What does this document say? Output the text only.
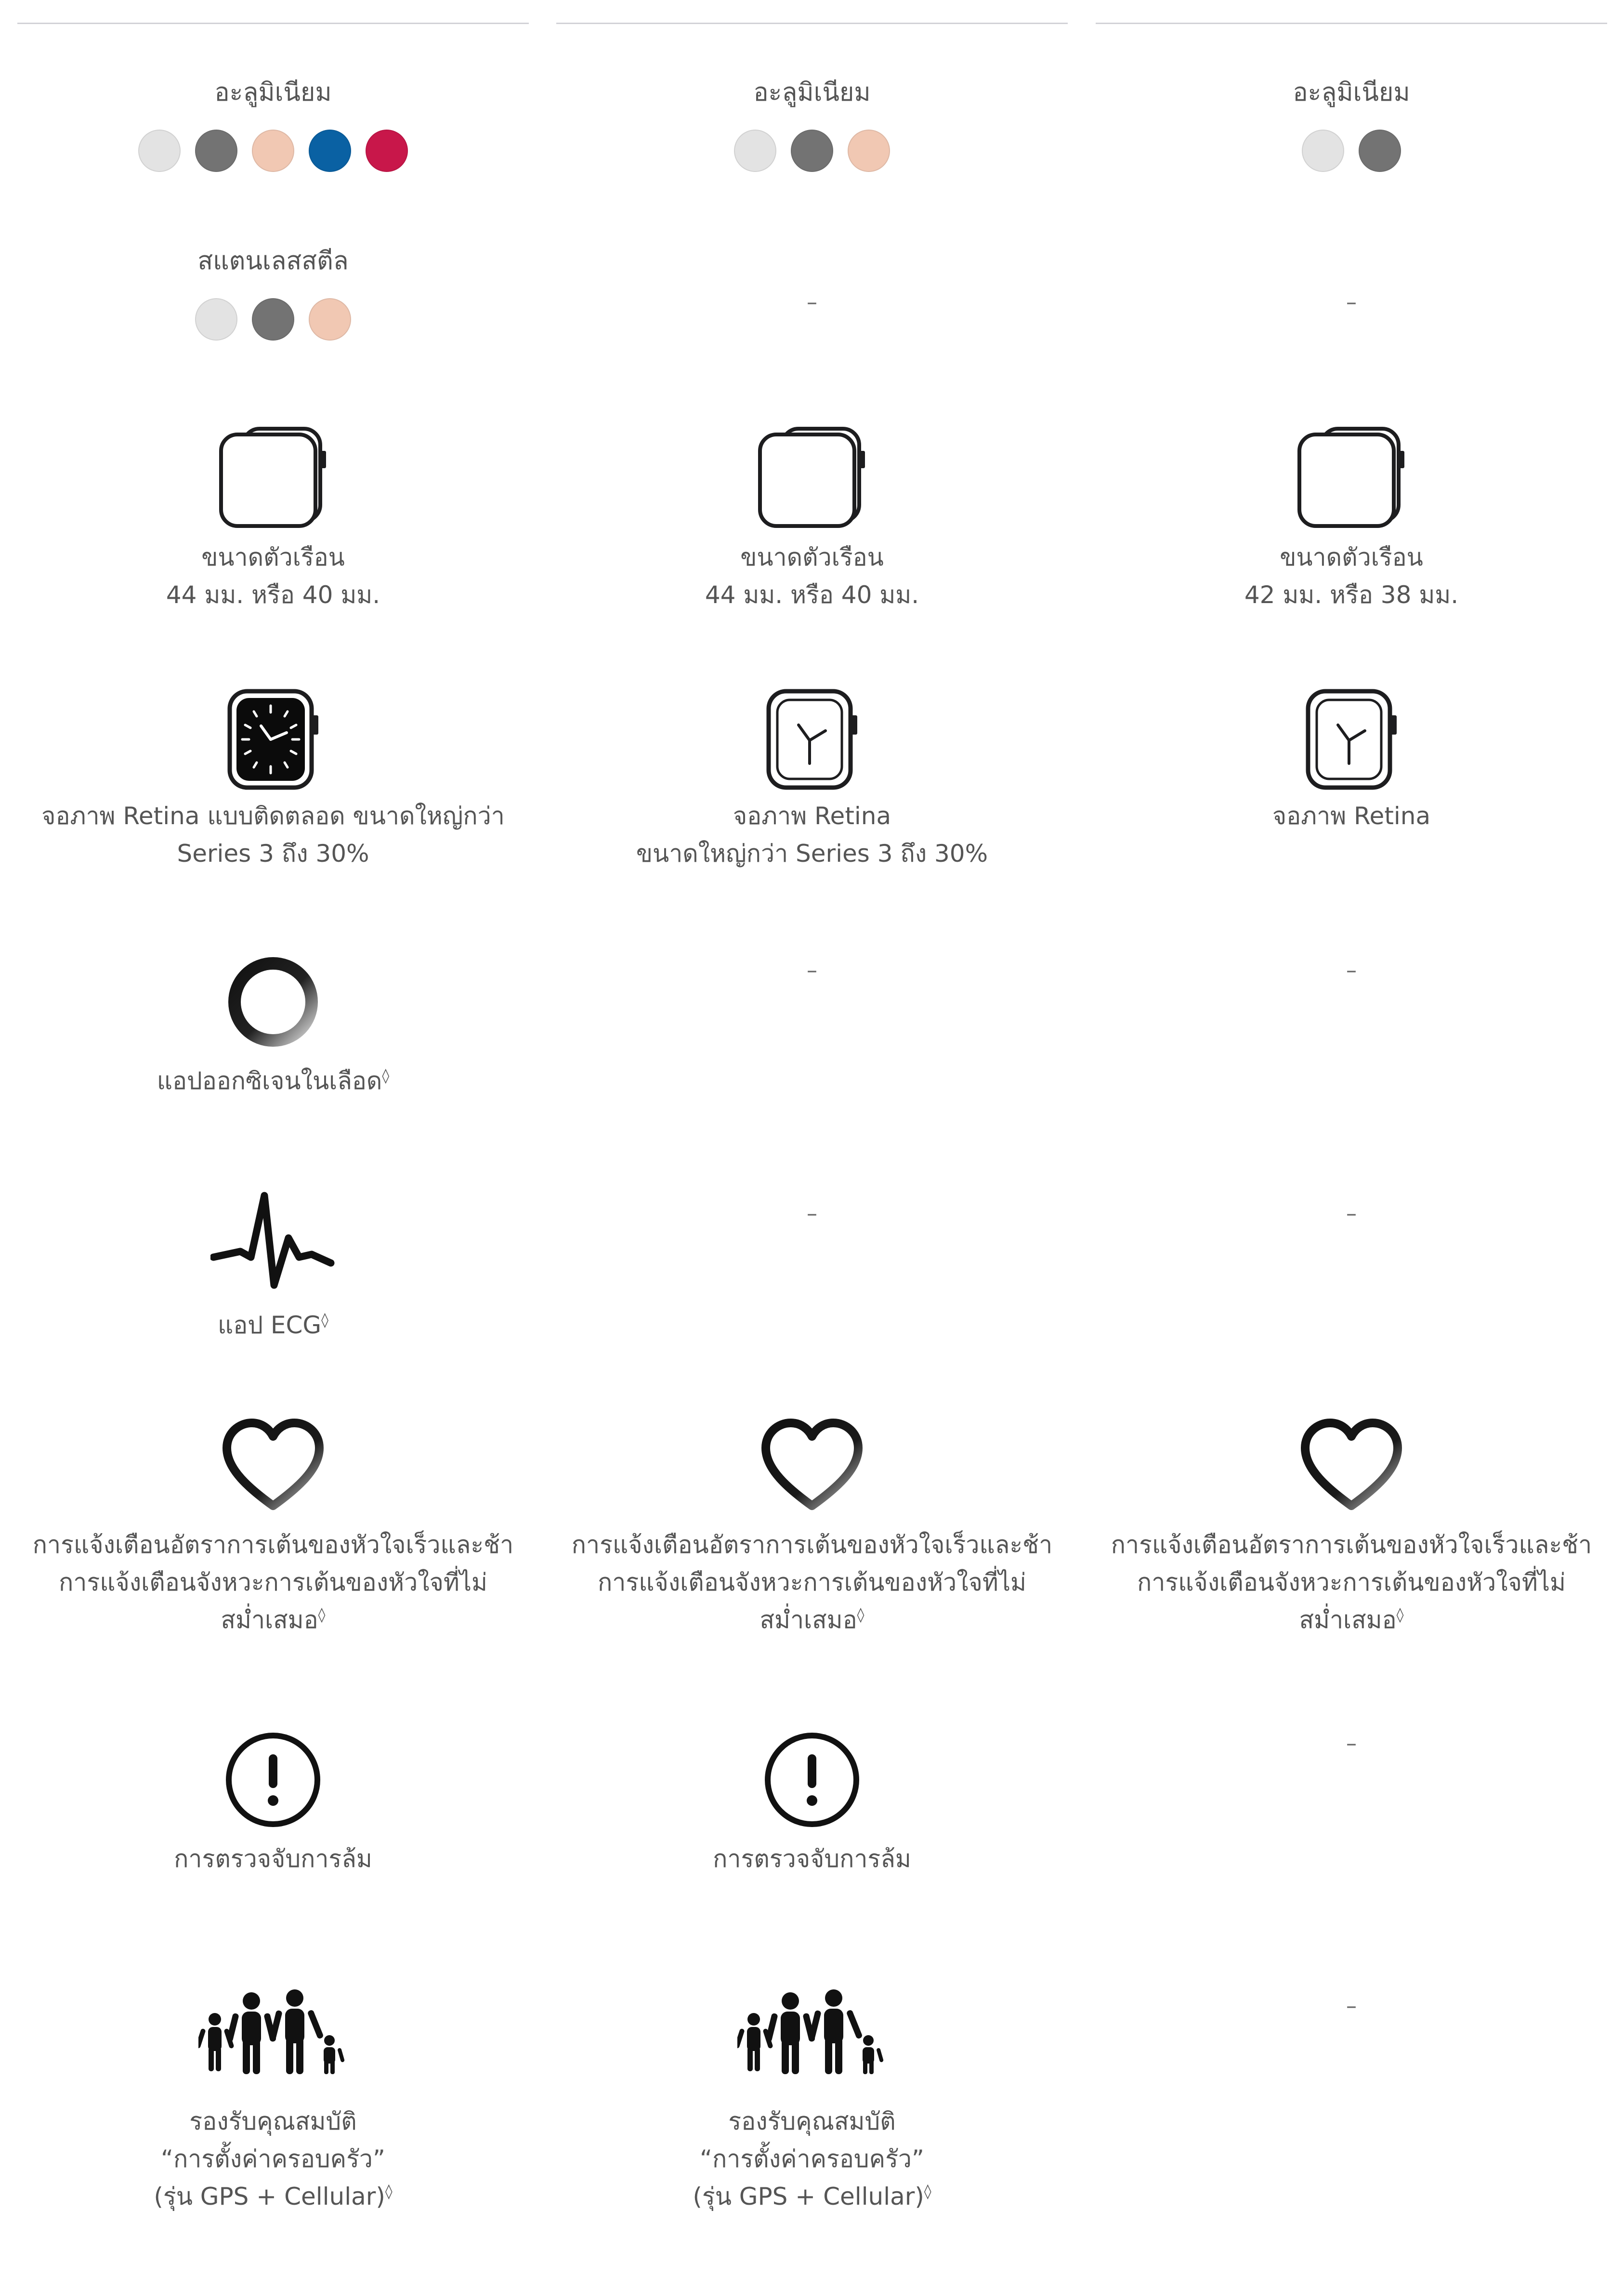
อะลูมิเนียม
สแตนเลสสตีล
ขนาดตัวเรือน
44 มม. หรือ 40 มม.
จอภาพ Retina แบบติดตลอด ขนาดใหญ่กว่า
Series 3 ถึง 30%
แอปออกซิเจนในเลือด◊
แอป ECG◊
การแจ้งเตือนอัตราการเต้นของหัวใจเร็วและช้า
การแจ้งเตือนจังหวะการเต้นของหัวใจที่ไม่
สม่ำเสมอ◊
การตรวจจับการล้ม
รองรับคุณสมบัติ
“การตั้งค่าครอบครัว”
(รุ่น GPS + Cellular)◊
อะลูมิเนียม
–
ขนาดตัวเรือน
44 มม. หรือ 40 มม.
จอภาพ Retina
ขนาดใหญ่กว่า Series 3 ถึง 30%
–
–
การแจ้งเตือนอัตราการเต้นของหัวใจเร็วและช้า
การแจ้งเตือนจังหวะการเต้นของหัวใจที่ไม่
สม่ำเสมอ◊
การตรวจจับการล้ม
รองรับคุณสมบัติ
“การตั้งค่าครอบครัว”
(รุ่น GPS + Cellular)◊
อะลูมิเนียม
–
ขนาดตัวเรือน
42 มม. หรือ 38 มม.
จอภาพ Retina
–
–
การแจ้งเตือนอัตราการเต้นของหัวใจเร็วและช้า
การแจ้งเตือนจังหวะการเต้นของหัวใจที่ไม่
สม่ำเสมอ◊
–
–
